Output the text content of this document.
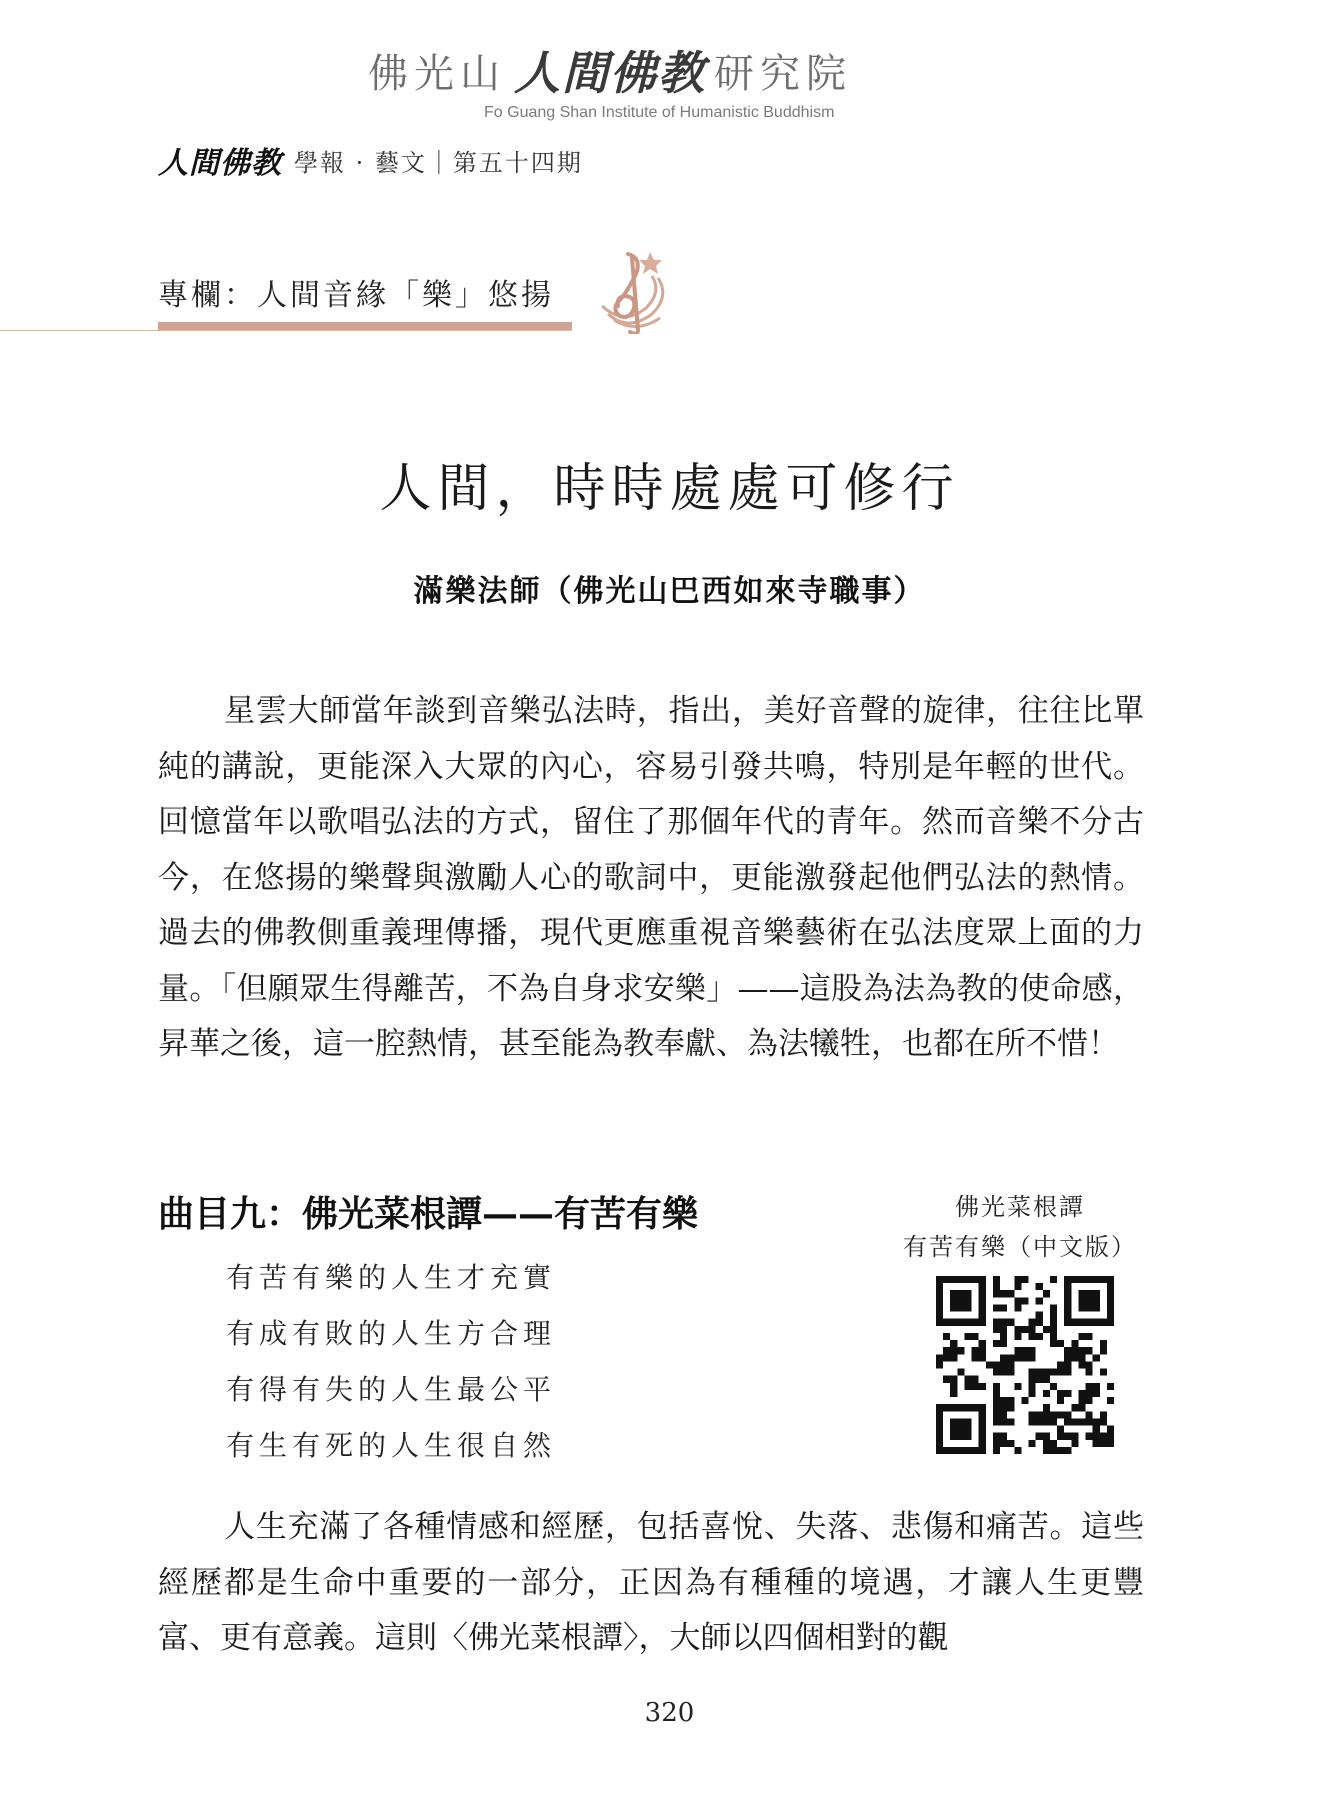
佛光山 人間佛教 研究院
Fo Guang Shan Institute of Humanistic Buddhism
人間佛教 學報 · 藝文｜第五十四期
專欄：人間音緣「樂」悠揚
人間，時時處處可修行
滿樂法師（佛光山巴西如來寺職事）

星雲大師當年談到音樂弘法時，指出，美好音聲的旋律，往往比單純的講說，更能深入大眾的內心，容易引發共鳴，特別是年輕的世代。回憶當年以歌唱弘法的方式，留住了那個年代的青年。然而音樂不分古今，在悠揚的樂聲與激勵人心的歌詞中，更能激發起他們弘法的熱情。過去的佛教側重義理傳播，現代更應重視音樂藝術在弘法度眾上面的力量。「但願眾生得離苦，不為自身求安樂」——這股為法為教的使命感，昇華之後，這一腔熱情，甚至能為教奉獻、為法犧牲，也都在所不惜！

曲目九：佛光菜根譚——有苦有樂
有苦有樂的人生才充實
有成有敗的人生方合理
有得有失的人生最公平
有生有死的人生很自然
佛光菜根譚
有苦有樂（中文版）

人生充滿了各種情感和經歷，包括喜悅、失落、悲傷和痛苦。這些經歷都是生命中重要的一部分，正因為有種種的境遇，才讓人生更豐富、更有意義。這則〈佛光菜根譚〉，大師以四個相對的觀

320
